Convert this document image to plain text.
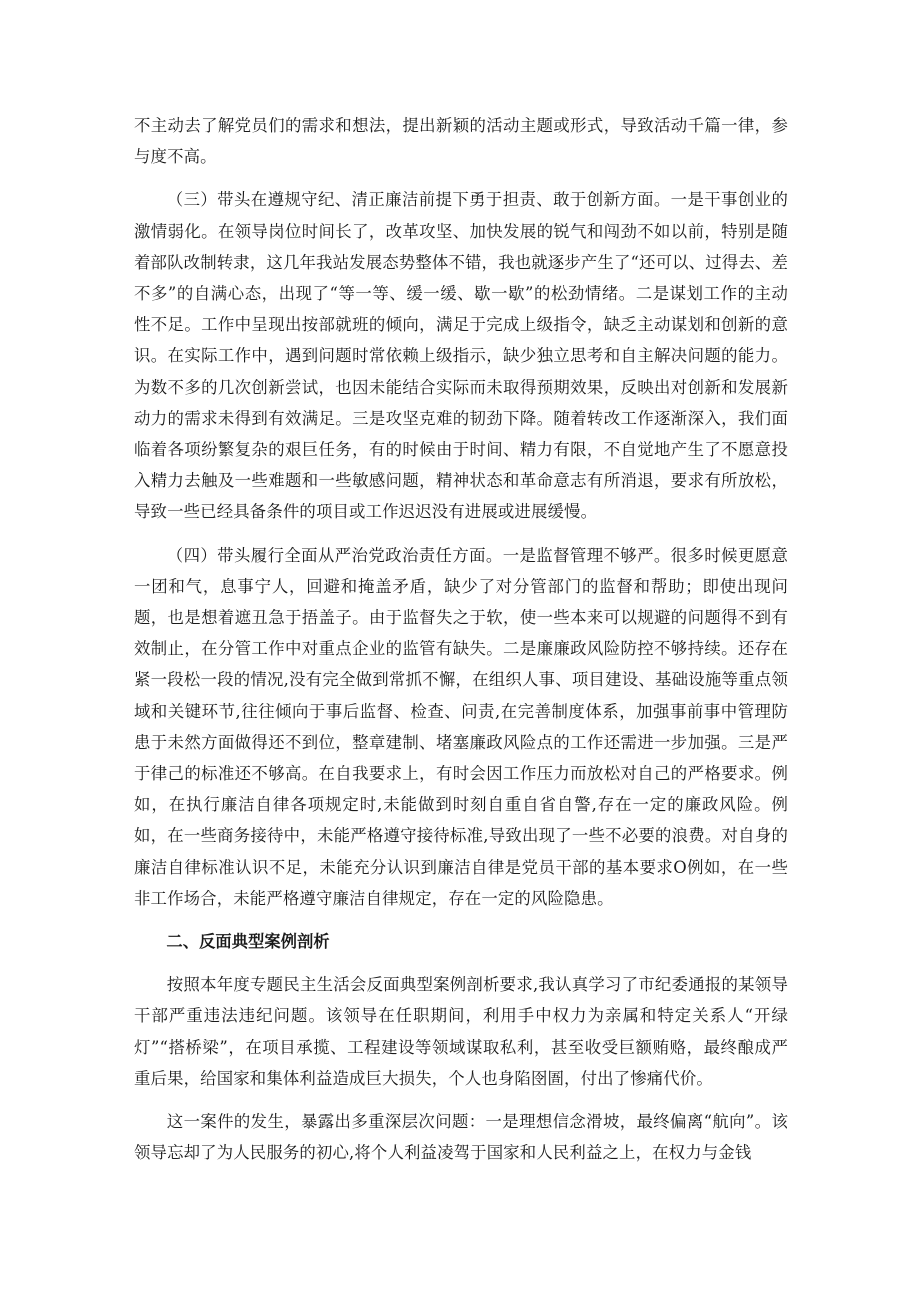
不主动去了解党员们的需求和想法，提出新颖的活动主题或形式，导致活动千篇一律，参与度不高。

（三）带头在遵规守纪、清正廉洁前提下勇于担责、敢于创新方面。一是干事创业的激情弱化。在领导岗位时间长了，改革攻坚、加快发展的锐气和闯劲不如以前，特别是随着部队改制转隶，这几年我站发展态势整体不错，我也就逐步产生了“还可以、过得去、差不多”的自满心态，出现了“等一等、缓一缓、歇一歇”的松劲情绪。二是谋划工作的主动性不足。工作中呈现出按部就班的倾向，满足于完成上级指令，缺乏主动谋划和创新的意识。在实际工作中，遇到问题时常依赖上级指示，缺少独立思考和自主解决问题的能力。为数不多的几次创新尝试，也因未能结合实际而未取得预期效果，反映出对创新和发展新动力的需求未得到有效满足。三是攻坚克难的韧劲下降。随着转改工作逐渐深入，我们面临着各项纷繁复杂的艰巨任务，有的时候由于时间、精力有限，不自觉地产生了不愿意投入精力去触及一些难题和一些敏感问题，精神状态和革命意志有所消退，要求有所放松，导致一些已经具备条件的项目或工作迟迟没有进展或进展缓慢。

（四）带头履行全面从严治党政治责任方面。一是监督管理不够严。很多时候更愿意一团和气，息事宁人，回避和掩盖矛盾，缺少了对分管部门的监督和帮助；即使出现问题，也是想着遮丑急于捂盖子。由于监督失之于软，使一些本来可以规避的问题得不到有效制止，在分管工作中对重点企业的监管有缺失。二是廉廉政风险防控不够持续。还存在紧一段松一段的情况,没有完全做到常抓不懈，在组织人事、项目建设、基础设施等重点领域和关键环节,往往倾向于事后监督、检查、问责,在完善制度体系，加强事前事中管理防患于未然方面做得还不到位，整章建制、堵塞廉政风险点的工作还需进一步加强。三是严于律己的标准还不够高。在自我要求上，有时会因工作压力而放松对自己的严格要求。例如，在执行廉洁自律各项规定时,未能做到时刻自重自省自警,存在一定的廉政风险。例如，在一些商务接待中，未能严格遵守接待标准,导致出现了一些不必要的浪费。对自身的廉洁自律标准认识不足，未能充分认识到廉洁自律是党员干部的基本要求O例如，在一些非工作场合，未能严格遵守廉洁自律规定，存在一定的风险隐患。

二、反面典型案例剖析

按照本年度专题民主生活会反面典型案例剖析要求,我认真学习了市纪委通报的某领导干部严重违法违纪问题。该领导在任职期间，利用手中权力为亲属和特定关系人“开绿灯”“搭桥梁”，在项目承揽、工程建设等领域谋取私利，甚至收受巨额贿赂，最终酿成严重后果，给国家和集体利益造成巨大损失，个人也身陷囹圄，付出了惨痛代价。

这一案件的发生，暴露出多重深层次问题：一是理想信念滑坡，最终偏离“航向”。该领导忘却了为人民服务的初心,将个人利益凌驾于国家和人民利益之上，在权力与金钱
